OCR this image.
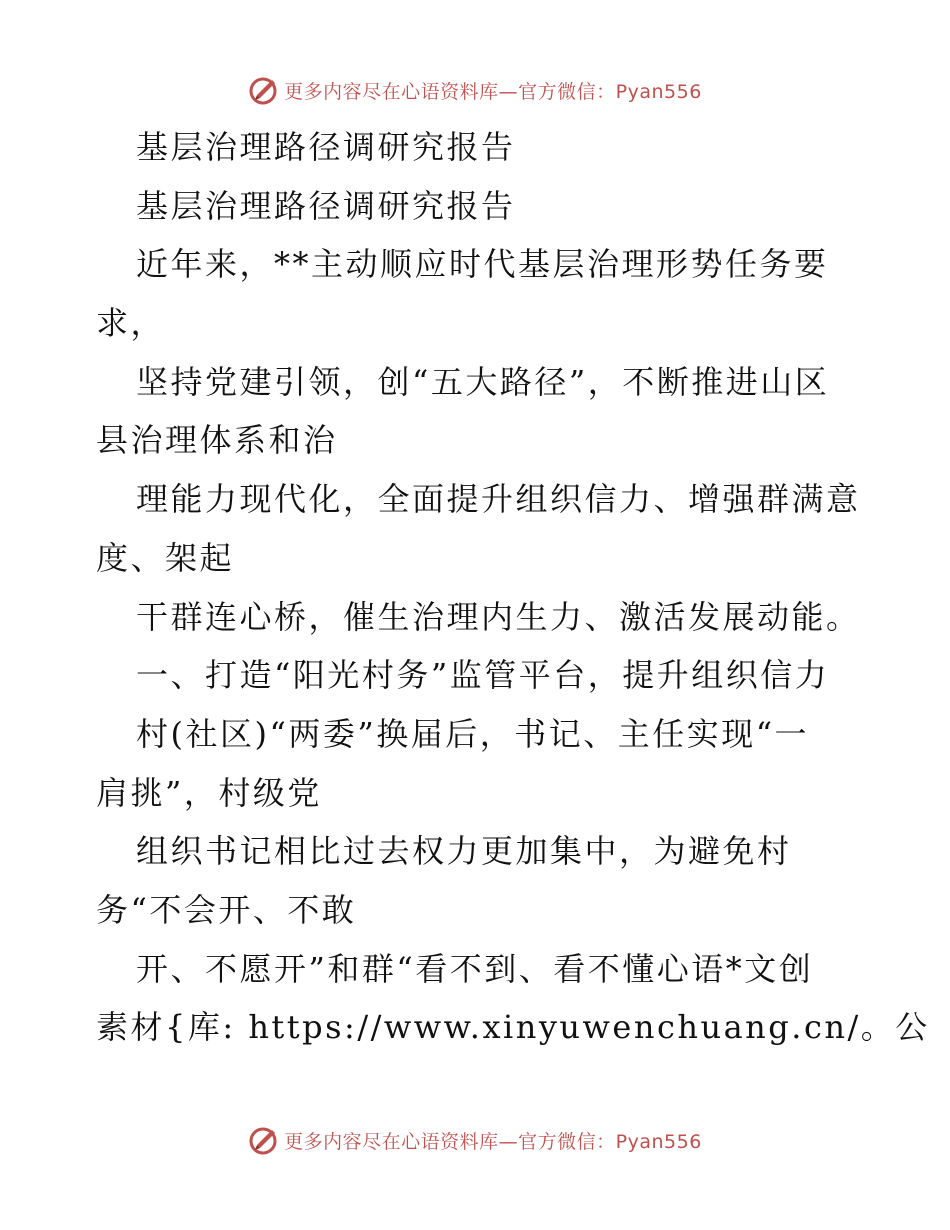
更多内容尽在心语资料库—官方微信：Pyan556
基层治理路径调研究报告
基层治理路径调研究报告
近年来，**主动顺应时代基层治理形势任务要
求，
坚持党建引领，创“五大路径”，不断推进山区
县治理体系和治
理能力现代化，全面提升组织信力、增强群满意
度、架起
干群连心桥，催生治理内生力、激活发展动能。
一、打造“阳光村务”监管平台，提升组织信力
村(社区)“两委”换届后，书记、主任实现“一
肩挑”，村级党
组织书记相比过去权力更加集中，为避免村
务“不会开、不敢
开、不愿开”和群“看不到、看不懂心语*文创
素材{库: https://www.xinyuwenchuang.cn/。公
更多内容尽在心语资料库—官方微信：Pyan556
